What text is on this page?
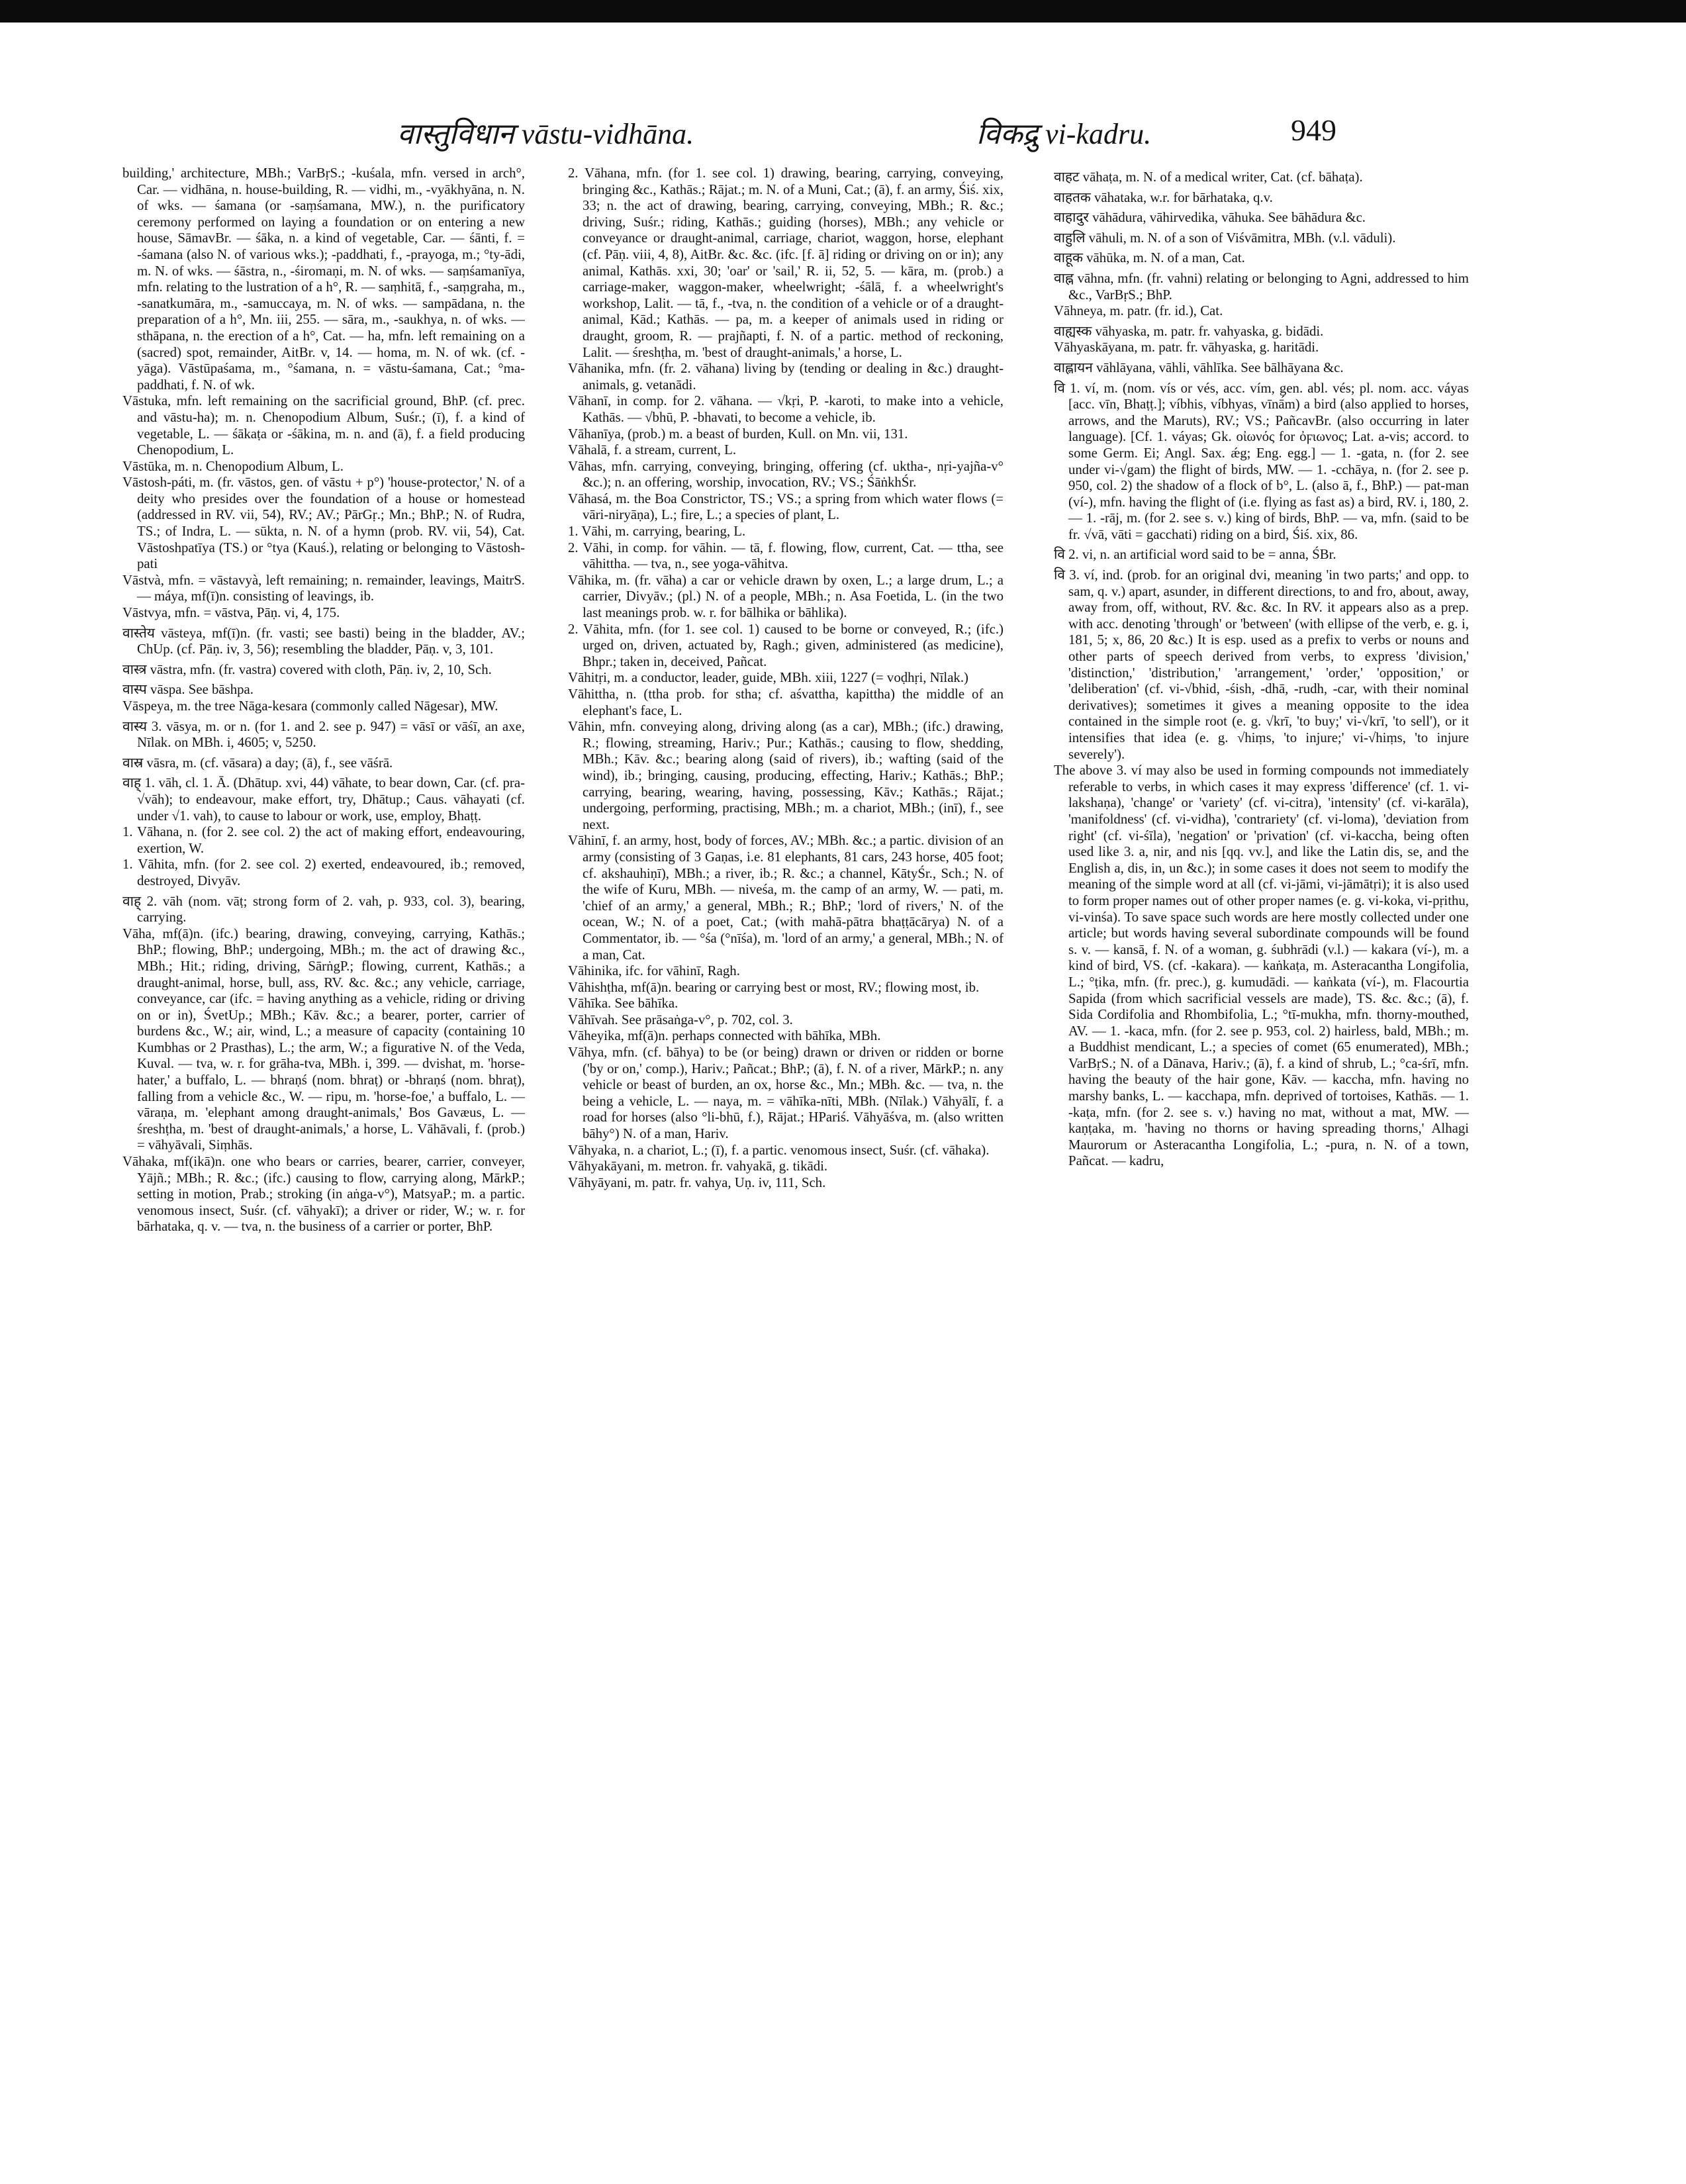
वास्तुविधान vāstu-vidhāna.	विकद्रु vi-kadru.	949

building,' architecture, MBh.; VarBṛS.; -kuśala, mfn. versed in arch°, Car. — vidhāna, n. house-building, R. — vidhi, m., -vyākhyāna, n. N. of wks. — śamana (or -saṃśamana, MW.), n. the purificatory ceremony performed on laying a foundation or on entering a new house, SāmavBr. — śāka, n. a kind of vegetable, Car. — śānti, f. = -śamana (also N. of various wks.); -paddhati, f., -prayoga, m.; °ty-ādi, m. N. of wks. — śāstra, n., -śiromaṇi, m. N. of wks. — saṃśamanīya, mfn. relating to the lustration of a h°, R. — saṃhitā, f., -saṃgraha, m., -sanatkumāra, m., -samuccaya, m. N. of wks. — sampādana, n. the preparation of a h°, Mn. iii, 255. — sāra, m., -saukhya, n. of wks. — sthāpana, n. the erection of a h°, Cat. — ha, mfn. left remaining on a (sacred) spot, remainder, AitBr. v, 14. — homa, m. N. of wk. (cf. -yāga). Vāstūpaśama, m., °śamana, n. = vāstu-śamana, Cat.; °ma-paddhati, f. N. of wk.

Vāstuka, mfn. left remaining on the sacrificial ground, BhP. (cf. prec. and vāstu-ha); m. n. Chenopodium Album, Suśr.; (ī), f. a kind of vegetable, L. — śākaṭa or -śākina, m. n. and (ā), f. a field producing Chenopodium, L.

Vāstūka, m. n. Chenopodium Album, L.

Vāstosh-páti, m. (fr. vāstos, gen. of vāstu + p°) 'house-protector,' N. of a deity who presides over the foundation of a house or homestead (addressed in RV. vii, 54), RV.; AV.; PārGṛ.; Mn.; BhP.; N. of Rudra, TS.; of Indra, L. — sūkta, n. N. of a hymn (prob. RV. vii, 54), Cat. Vāstoshpatīya (TS.) or °tya (Kauś.), relating or belonging to Vāstosh-pati

Vāstvà, mfn. = vāstavyà, left remaining; n. remainder, leavings, MaitrS. — máya, mf(ī)n. consisting of leavings, ib.

Vāstvya, mfn. = vāstva, Pāṇ. vi, 4, 175.

वास्तेय vāsteya, mf(ī)n. (fr. vasti; see basti) being in the bladder, AV.; ChUp. (cf. Pāṇ. iv, 3, 56); resembling the bladder, Pāṇ. v, 3, 101.

वास्त्र vāstra, mfn. (fr. vastra) covered with cloth, Pāṇ. iv, 2, 10, Sch.

वास्प vāspa. See bāshpa.

Vāspeya, m. the tree Nāga-kesara (commonly called Nāgesar), MW.

वास्य 3. vāsya, m. or n. (for 1. and 2. see p. 947) = vāsī or vāśī, an axe, Nīlak. on MBh. i, 4605; v, 5250.

वास्र vāsra, m. (cf. vāsara) a day; (ā), f., see vāśrā.

वाह् 1. vāh, cl. 1. Ā. (Dhātup. xvi, 44) vāhate, to bear down, Car. (cf. pra-√vāh); to endeavour, make effort, try, Dhātup.; Caus. vāhayati (cf. under √1. vah), to cause to labour or work, use, employ, Bhaṭṭ.

1. Vāhana, n. (for 2. see col. 2) the act of making effort, endeavouring, exertion, W.

1. Vāhita, mfn. (for 2. see col. 2) exerted, endeavoured, ib.; removed, destroyed, Divyāv.

वाह् 2. vāh (nom. vāṭ; strong form of 2. vah, p. 933, col. 3), bearing, carrying.

Vāha, mf(ā)n. (ifc.) bearing, drawing, conveying, carrying, Kathās.; BhP.; flowing, BhP.; undergoing, MBh.; m. the act of drawing &c., MBh.; Hit.; riding, driving, SārṅgP.; flowing, current, Kathās.; a draught-animal, horse, bull, ass, RV. &c. &c.; any vehicle, carriage, conveyance, car (ifc. = having anything as a vehicle, riding or driving on or in), ŚvetUp.; MBh.; Kāv. &c.; a bearer, porter, carrier of burdens &c., W.; air, wind, L.; a measure of capacity (containing 10 Kumbhas or 2 Prasthas), L.; the arm, W.; a figurative N. of the Veda, Kuval. — tva, w. r. for grāha-tva, MBh. i, 399. — dvishat, m. 'horse-hater,' a buffalo, L. — bhraṇś (nom. bhraṭ) or -bhraṇś (nom. bhraṭ), falling from a vehicle &c., W. — ripu, m. 'horse-foe,' a buffalo, L. — vāraṇa, m. 'elephant among draught-animals,' Bos Gavæus, L. — śreshṭha, m. 'best of draught-animals,' a horse, L. Vāhāvali, f. (prob.) = vāhyāvali, Siṃhās.

Vāhaka, mf(ikā)n. one who bears or carries, bearer, carrier, conveyer, Yājñ.; MBh.; R. &c.; (ifc.) causing to flow, carrying along, MārkP.; setting in motion, Prab.; stroking (in aṅga-v°), MatsyaP.; m. a partic. venomous insect, Suśr. (cf. vāhyakī); a driver or rider, W.; w. r. for bārhataka, q. v. — tva, n. the business of a carrier or porter, BhP.

2. Vāhana, mfn. (for 1. see col. 1) drawing, bearing, carrying, conveying, bringing &c., Kathās.; Rājat.; m. N. of a Muni, Cat.; (ā), f. an army, Śiś. xix, 33; n. the act of drawing, bearing, carrying, conveying, MBh.; R. &c.; driving, Suśr.; riding, Kathās.; guiding (horses), MBh.; any vehicle or conveyance or draught-animal, carriage, chariot, waggon, horse, elephant (cf. Pāṇ. viii, 4, 8), AitBr. &c. &c. (ifc. [f. ā] riding or driving on or in); any animal, Kathās. xxi, 30; 'oar' or 'sail,' R. ii, 52, 5. — kāra, m. (prob.) a carriage-maker, waggon-maker, wheelwright; -śālā, f. a wheelwright's workshop, Lalit. — tā, f., -tva, n. the condition of a vehicle or of a draught-animal, Kād.; Kathās. — pa, m. a keeper of animals used in riding or draught, groom, R. — prajñapti, f. N. of a partic. method of reckoning, Lalit. — śreshṭha, m. 'best of draught-animals,' a horse, L.

Vāhanika, mfn. (fr. 2. vāhana) living by (tending or dealing in &c.) draught-animals, g. vetanādi.

Vāhanī, in comp. for 2. vāhana. — √kṛi, P. -karoti, to make into a vehicle, Kathās. — √bhū, P. -bhavati, to become a vehicle, ib.

Vāhanīya, (prob.) m. a beast of burden, Kull. on Mn. vii, 131.

Vāhalā, f. a stream, current, L.

Vāhas, mfn. carrying, conveying, bringing, offering (cf. uktha-, nṛi-yajña-v° &c.); n. an offering, worship, invocation, RV.; VS.; ŚāṅkhŚr.

Vāhasá, m. the Boa Constrictor, TS.; VS.; a spring from which water flows (= vāri-niryāṇa), L.; fire, L.; a species of plant, L.

1. Vāhi, m. carrying, bearing, L.

2. Vāhi, in comp. for vāhin. — tā, f. flowing, flow, current, Cat. — ttha, see vāhittha. — tva, n., see yoga-vāhitva.

Vāhika, m. (fr. vāha) a car or vehicle drawn by oxen, L.; a large drum, L.; a carrier, Divyāv.; (pl.) N. of a people, MBh.; n. Asa Foetida, L. (in the two last meanings prob. w. r. for bālhika or bāhlika).

2. Vāhita, mfn. (for 1. see col. 1) caused to be borne or conveyed, R.; (ifc.) urged on, driven, actuated by, Ragh.; given, administered (as medicine), Bhpr.; taken in, deceived, Pañcat.

Vāhitṛi, m. a conductor, leader, guide, MBh. xiii, 1227 (= voḍhṛi, Nīlak.)

Vāhittha, n. (ttha prob. for stha; cf. aśvattha, kapittha) the middle of an elephant's face, L.

Vāhin, mfn. conveying along, driving along (as a car), MBh.; (ifc.) drawing, R.; flowing, streaming, Hariv.; Pur.; Kathās.; causing to flow, shedding, MBh.; Kāv. &c.; bearing along (said of rivers), ib.; wafting (said of the wind), ib.; bringing, causing, producing, effecting, Hariv.; Kathās.; BhP.; carrying, bearing, wearing, having, possessing, Kāv.; Kathās.; Rājat.; undergoing, performing, practising, MBh.; m. a chariot, MBh.; (inī), f., see next.

Vāhinī, f. an army, host, body of forces, AV.; MBh. &c.; a partic. division of an army (consisting of 3 Gaṇas, i.e. 81 elephants, 81 cars, 243 horse, 405 foot; cf. akshauhiṇī), MBh.; a river, ib.; R. &c.; a channel, KātyŚr., Sch.; N. of the wife of Kuru, MBh. — niveśa, m. the camp of an army, W. — pati, m. 'chief of an army,' a general, MBh.; R.; BhP.; 'lord of rivers,' N. of the ocean, W.; N. of a poet, Cat.; (with mahā-pātra bhaṭṭācārya) N. of a Commentator, ib. — °śa (°nīśa), m. 'lord of an army,' a general, MBh.; N. of a man, Cat.

Vāhinika, ifc. for vāhinī, Ragh.

Vāhishṭha, mf(ā)n. bearing or carrying best or most, RV.; flowing most, ib.

Vāhīka. See bāhīka.

Vāhīvah. See prāsaṅga-v°, p. 702, col. 3.

Vāheyika, mf(ā)n. perhaps connected with bāhīka, MBh.

Vāhya, mfn. (cf. bāhya) to be (or being) drawn or driven or ridden or borne ('by or on,' comp.), Hariv.; Pañcat.; BhP.; (ā), f. N. of a river, MārkP.; n. any vehicle or beast of burden, an ox, horse &c., Mn.; MBh. &c. — tva, n. the being a vehicle, L. — naya, m. = vāhīka-nīti, MBh. (Nīlak.) Vāhyālī, f. a road for horses (also °li-bhū, f.), Rājat.; HPariś. Vāhyāśva, m. (also written bāhy°) N. of a man, Hariv.

Vāhyaka, n. a chariot, L.; (ī), f. a partic. venomous insect, Suśr. (cf. vāhaka).

Vāhyakāyani, m. metron. fr. vahyakā, g. tikādi.

Vāhyāyani, m. patr. fr. vahya, Uṇ. iv, 111, Sch.

वाहट vāhaṭa, m. N. of a medical writer, Cat. (cf. bāhaṭa).

वाहतक vāhataka, w.r. for bārhataka, q.v.

वाहादुर vāhādura, vāhirvedika, vāhuka. See bāhādura &c.

वाहुलि vāhuli, m. N. of a son of Viśvāmitra, MBh. (v.l. vāduli).

वाहूक vāhūka, m. N. of a man, Cat.

वाह्न vāhna, mfn. (fr. vahni) relating or belonging to Agni, addressed to him &c., VarBṛS.; BhP.

Vāhneya, m. patr. (fr. id.), Cat.

वाह्यस्क vāhyaska, m. patr. fr. vahyaska, g. bidādi.

Vāhyaskāyana, m. patr. fr. vāhyaska, g. haritādi.

वाह्लायन vāhlāyana, vāhli, vāhlīka. See bālhāyana &c.

वि 1. ví, m. (nom. vís or vés, acc. vím, gen. abl. vés; pl. nom. acc. váyas [acc. vīn, Bhaṭṭ.]; víbhis, víbhyas, vīnā́m) a bird (also applied to horses, arrows, and the Maruts), RV.; VS.; PañcavBr. (also occurring in later language). [Cf. 1. váyas; Gk. οἰωνός for ὀϝιωνος; Lat. a-vis; accord. to some Germ. Ei; Angl. Sax. ǽg; Eng. egg.] — 1. -gata, n. (for 2. see under vi-√gam) the flight of birds, MW. — 1. -cchāya, n. (for 2. see p. 950, col. 2) the shadow of a flock of b°, L. (also ā, f., BhP.) — pat-man (ví-), mfn. having the flight of (i.e. flying as fast as) a bird, RV. i, 180, 2. — 1. -rāj, m. (for 2. see s. v.) king of birds, BhP. — va, mfn. (said to be fr. √vā, vāti = gacchati) riding on a bird, Śiś. xix, 86.

वि 2. vi, n. an artificial word said to be = anna, ŚBr.

वि 3. ví, ind. (prob. for an original dvi, meaning 'in two parts;' and opp. to sam, q. v.) apart, asunder, in different directions, to and fro, about, away, away from, off, without, RV. &c. &c. In RV. it appears also as a prep. with acc. denoting 'through' or 'between' (with ellipse of the verb, e. g. i, 181, 5; x, 86, 20 &c.) It is esp. used as a prefix to verbs or nouns and other parts of speech derived from verbs, to express 'division,' 'distinction,' 'distribution,' 'arrangement,' 'order,' 'opposition,' or 'deliberation' (cf. vi-√bhid, -śish, -dhā, -rudh, -car, with their nominal derivatives); sometimes it gives a meaning opposite to the idea contained in the simple root (e. g. √krī, 'to buy;' vi-√krī, 'to sell'), or it intensifies that idea (e. g. √hiṃs, 'to injure;' vi-√hiṃs, 'to injure severely').

The above 3. ví may also be used in forming compounds not immediately referable to verbs, in which cases it may express 'difference' (cf. 1. vi-lakshaṇa), 'change' or 'variety' (cf. vi-citra), 'intensity' (cf. vi-karāla), 'manifoldness' (cf. vi-vidha), 'contrariety' (cf. vi-loma), 'deviation from right' (cf. vi-śīla), 'negation' or 'privation' (cf. vi-kaccha, being often used like 3. a, nir, and nis [qq. vv.], and like the Latin dis, se, and the English a, dis, in, un &c.); in some cases it does not seem to modify the meaning of the simple word at all (cf. vi-jāmi, vi-jāmātṛi); it is also used to form proper names out of other proper names (e. g. vi-koka, vi-pṛithu, vi-vinśa). To save space such words are here mostly collected under one article; but words having several subordinate compounds will be found s. v. — kansā, f. N. of a woman, g. śubhrādi (v.l.) — kakara (ví-), m. a kind of bird, VS. (cf. -kakara). — kaṅkaṭa, m. Asteracantha Longifolia, L.; °ṭika, mfn. (fr. prec.), g. kumudādi. — kaṅkata (ví-), m. Flacourtia Sapida (from which sacrificial vessels are made), TS. &c. &c.; (ā), f. Sida Cordifolia and Rhombifolia, L.; °tī-mukha, mfn. thorny-mouthed, AV. — 1. -kaca, mfn. (for 2. see p. 953, col. 2) hairless, bald, MBh.; m. a Buddhist mendicant, L.; a species of comet (65 enumerated), MBh.; VarBṛS.; N. of a Dānava, Hariv.; (ā), f. a kind of shrub, L.; °ca-śrī, mfn. having the beauty of the hair gone, Kāv. — kaccha, mfn. having no marshy banks, L. — kacchapa, mfn. deprived of tortoises, Kathās. — 1. -kaṭa, mfn. (for 2. see s. v.) having no mat, without a mat, MW. — kaṇṭaka, m. 'having no thorns or having spreading thorns,' Alhagi Maurorum or Asteracantha Longifolia, L.; -pura, n. N. of a town, Pañcat. — kadru,
